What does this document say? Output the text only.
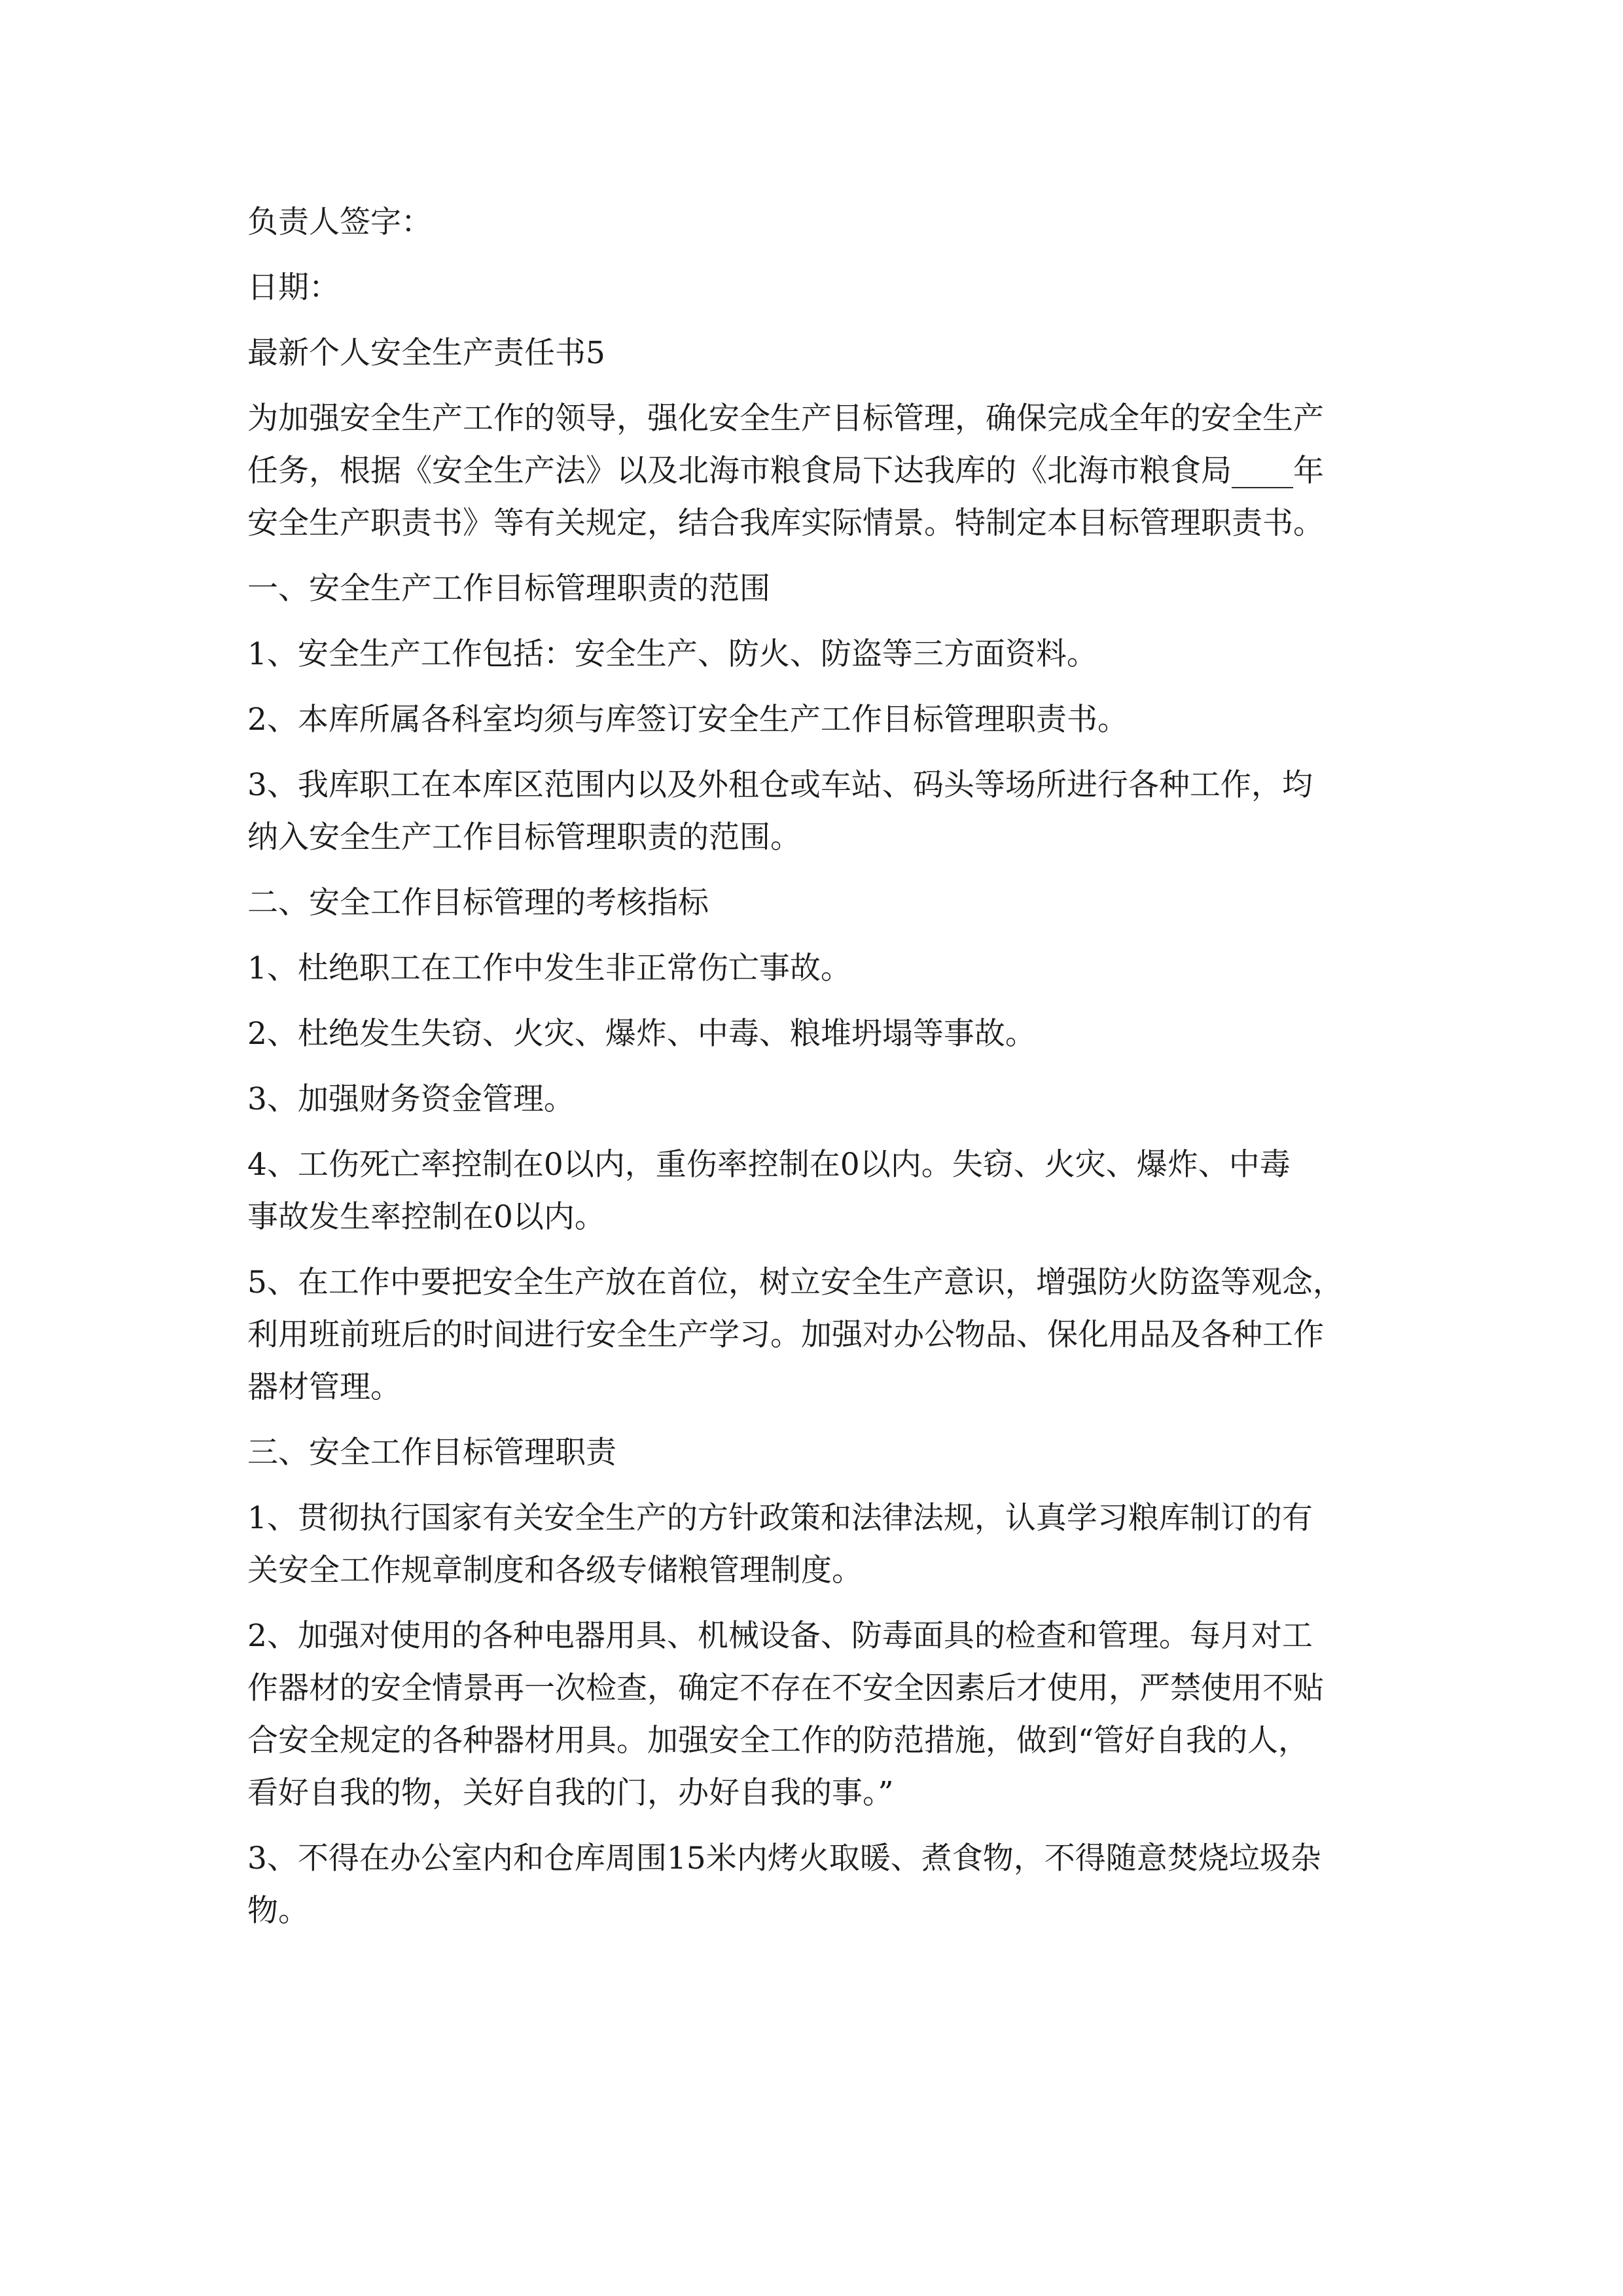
负责人签字：

日期：

最新个人安全生产责任书5

为加强安全生产工作的领导，强化安全生产目标管理，确保完成全年的安全生产

任务，根据《安全生产法》以及北海市粮食局下达我库的《北海市粮食局____年

安全生产职责书》等有关规定，结合我库实际情景。特制定本目标管理职责书。

一、安全生产工作目标管理职责的范围

1、安全生产工作包括：安全生产、防火、防盗等三方面资料。

2、本库所属各科室均须与库签订安全生产工作目标管理职责书。

3、我库职工在本库区范围内以及外租仓或车站、码头等场所进行各种工作，均

纳入安全生产工作目标管理职责的范围。

二、安全工作目标管理的考核指标

1、杜绝职工在工作中发生非正常伤亡事故。

2、杜绝发生失窃、火灾、爆炸、中毒、粮堆坍塌等事故。

3、加强财务资金管理。

4、工伤死亡率控制在0以内，重伤率控制在0以内。失窃、火灾、爆炸、中毒

事故发生率控制在0以内。

5、在工作中要把安全生产放在首位，树立安全生产意识，增强防火防盗等观念，

利用班前班后的时间进行安全生产学习。加强对办公物品、保化用品及各种工作

器材管理。

三、安全工作目标管理职责

1、贯彻执行国家有关安全生产的方针政策和法律法规，认真学习粮库制订的有

关安全工作规章制度和各级专储粮管理制度。

2、加强对使用的各种电器用具、机械设备、防毒面具的检查和管理。每月对工

作器材的安全情景再一次检查，确定不存在不安全因素后才使用，严禁使用不贴

合安全规定的各种器材用具。加强安全工作的防范措施，做到“管好自我的人，

看好自我的物，关好自我的门，办好自我的事。”

3、不得在办公室内和仓库周围15米内烤火取暖、煮食物，不得随意焚烧垃圾杂

物。
